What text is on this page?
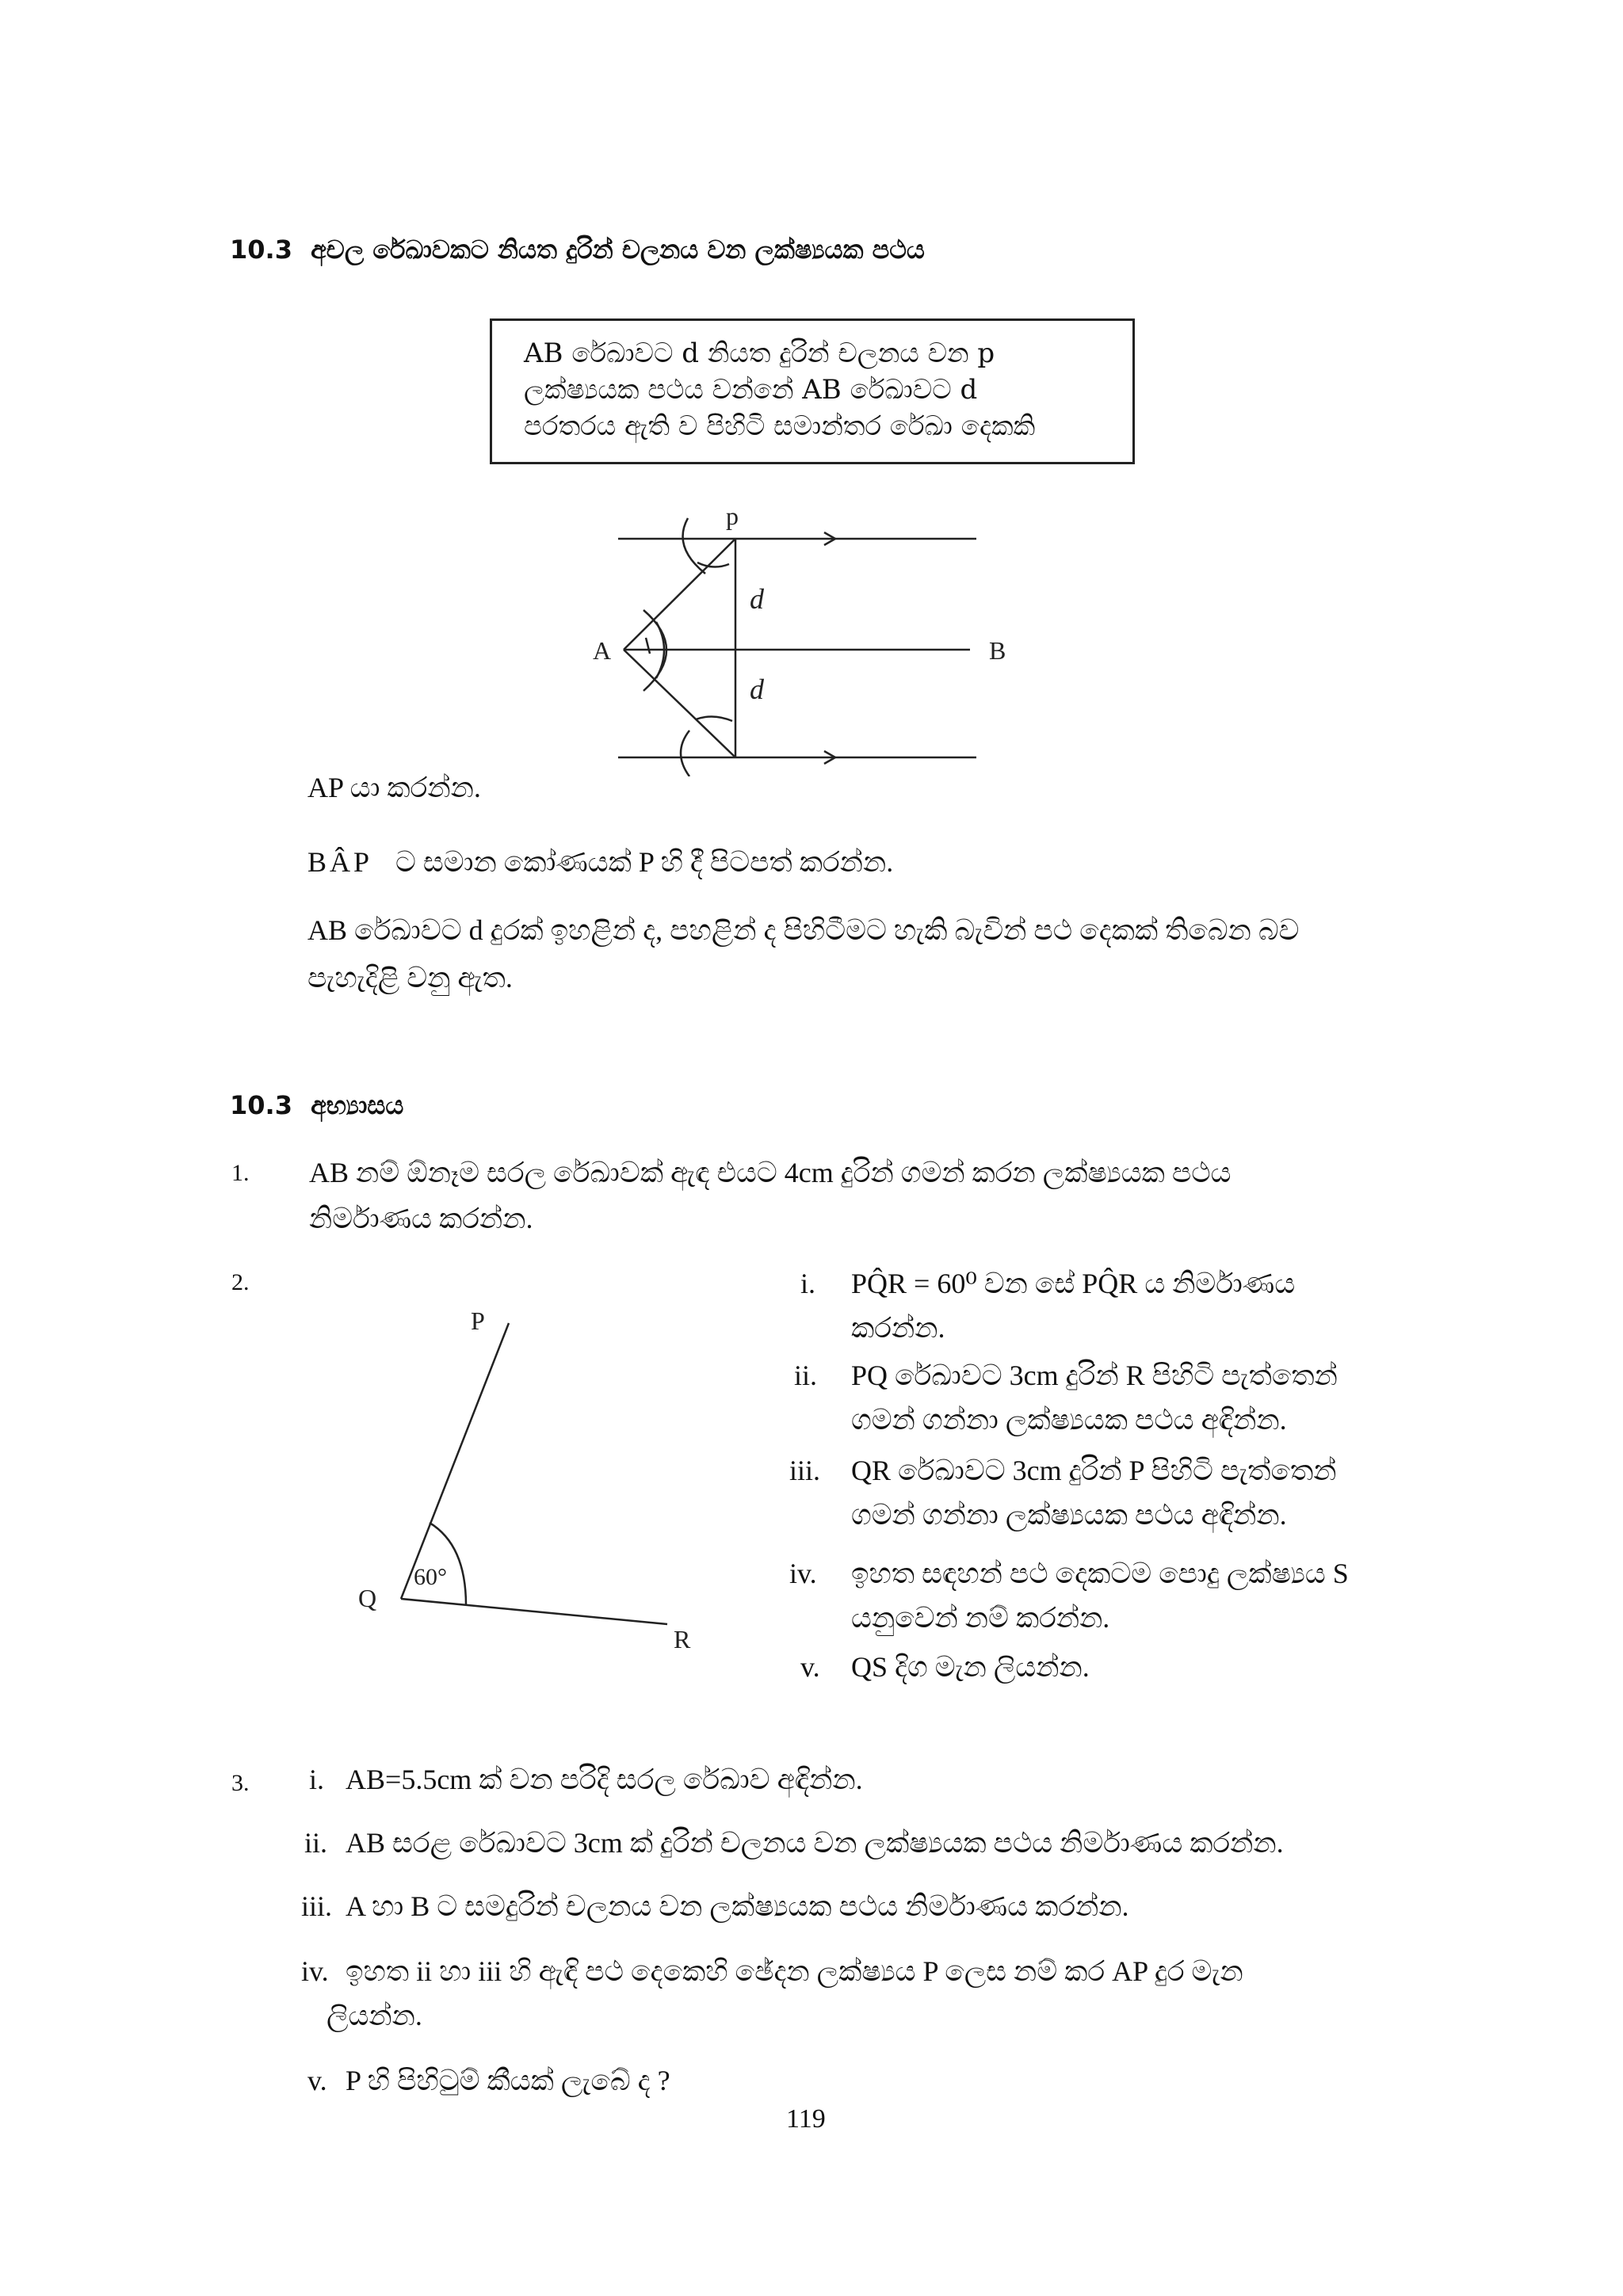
10.3 අචල රේඛාවකට නියත දුරින් චලනය වන ලක්ෂ්‍යයක පථය
AB රේඛාවට d නියත දුරින් චලනය වන p
ලක්ෂ්‍යයක පථය වන්නේ AB රේඛාවට d
පරතරය ඇති ව පිහිටි සමාන්තර රේඛා දෙකකි
p
A	B
d
d
AP යා කරන්න.
BÂP ට සමාන කෝණයක් P හි දී පිටපත් කරන්න.
AB රේඛාවට d දුරක් ඉහළින් ද, පහළින් ද පිහිටීමට හැකි බැවින් පථ දෙකක් තිබෙන බව
පැහැදිළි වනු ඇත.
10.3 අභ්‍යාසය
1. AB නම් ඕනෑම සරල රේඛාවක් ඇඳ එයට 4cm දුරින් ගමන් කරන ලක්ෂ්‍යයක පථය
නිර්මාණය කරන්න.
2.
P
Q
R
60°
i. PQ̂R = 60⁰ වන සේ PQ̂R ය නිර්මාණය
කරන්න.
ii. PQ රේඛාවට 3cm දුරින් R පිහිටි පැත්තෙන්
ගමන් ගන්නා ලක්ෂ්‍යයක පථය අඳින්න.
iii. QR රේඛාවට 3cm දුරින් P පිහිටි පැත්තෙන්
ගමන් ගන්නා ලක්ෂ්‍යයක පථය අඳින්න.
iv. ඉහත සඳහන් පථ දෙකටම පොදු ලක්ෂ්‍යය S
යනුවෙන් නම් කරන්න.
v. QS දිග මැන ලියන්න.
3. i. AB=5.5cm ක් වන පරිදි සරල රේඛාව අඳින්න.
ii. AB සරළ රේඛාවට 3cm ක් දුරින් චලනය වන ලක්ෂ්‍යයක පථය නිර්මාණය කරන්න.
iii. A හා B ට සමදුරින් චලනය වන ලක්ෂ්‍යයක පථය නිර්මාණය කරන්න.
iv. ඉහත ii හා iii හි ඇඳි පථ දෙකෙහි ඡේදන ලක්ෂ්‍යය P ලෙස නම් කර AP දුර මැන
ලියන්න.
v. P හි පිහිටුම් කීයක් ලැබේ ද ?
119
